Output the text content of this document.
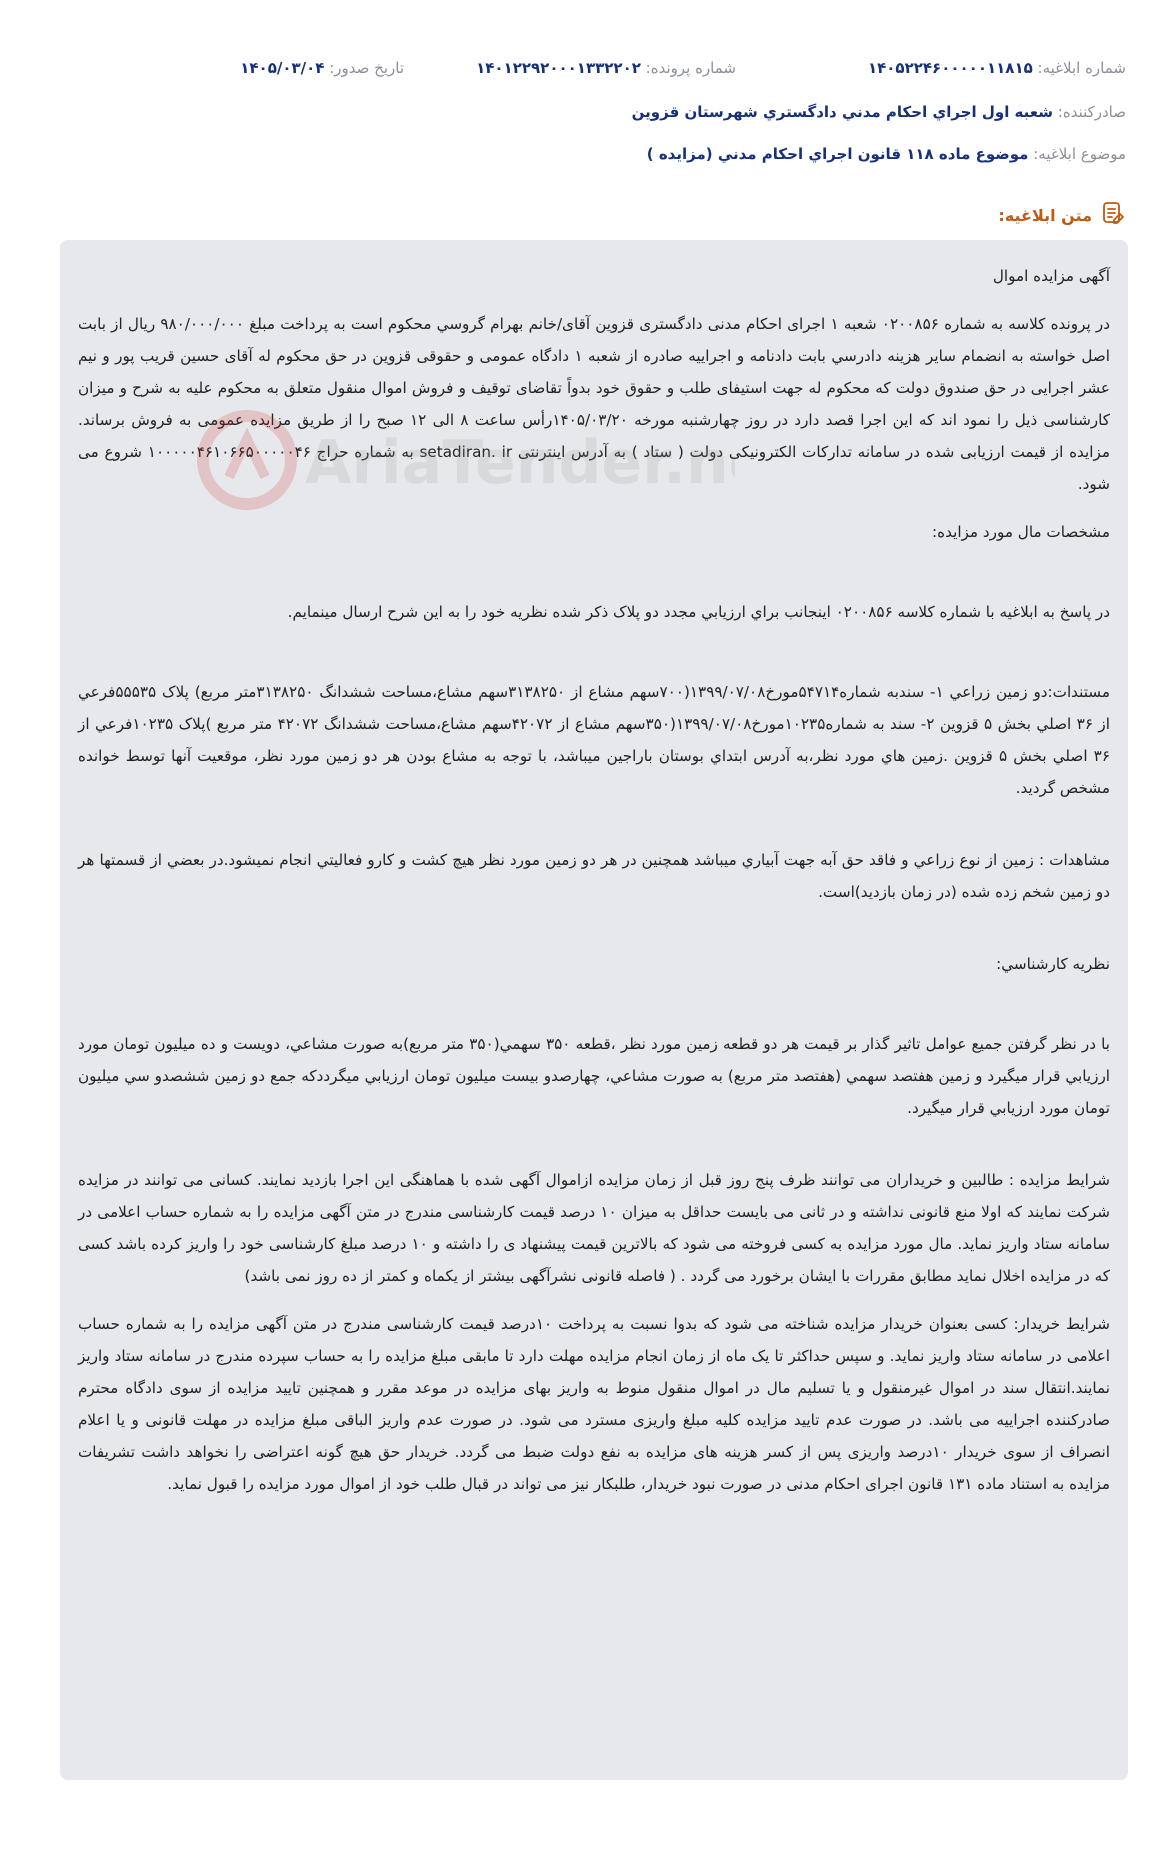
شماره ابلاغیه: ۱۴۰۵۲۲۴۶۰۰۰۰۰۱۱۸۱۵
شماره پرونده: ۱۴۰۱۲۲۹۲۰۰۰۱۳۳۲۲۰۲
تاریخ صدور: ۱۴۰۵/۰۳/۰۴
صادرکننده: شعبه اول اجراي احکام مدني دادگستري شهرستان قزوين
موضوع ابلاغیه: موضوع ماده ۱۱۸ قانون اجراي احکام مدني (مزايده )
متن ابلاغیه:

آگهی مزایده اموال

در پرونده کلاسه به شماره ۰۲۰۰۸۵۶ شعبه ۱ اجرای احکام مدنی دادگستری قزوین آقای/خانم بهرام گروسي محکوم است به پرداخت مبلغ ۹۸۰/۰۰۰/۰۰۰ ريال از بابت اصل خواسته به انضمام سایر هزینه دادرسي بابت دادنامه و اجراییه صادره از شعبه ۱ دادگاه عمومی و حقوقی قزوین در حق محکوم له آقای حسین قریب پور و نیم عشر اجرایی در حق صندوق دولت که محکوم له جهت استیفای طلب و حقوق خود بدواً تقاضای توقیف و فروش اموال منقول متعلق به محکوم علیه به شرح و میزان کارشناسی ذیل را نمود اند که این اجرا قصد دارد در روز چهارشنبه مورخه ۱۴۰۵/۰۳/۲۰رأس ساعت ۸ الی ۱۲ صبح را از طریق مزایده عمومی به فروش برساند. مزایده از قیمت ارزیابی شده در سامانه تدارکات الکترونیکی دولت ( ستاد ) به آدرس اینترنتی setadiran. ir به شماره حراج ۱۰۰۰۰۰۴۶۱۰۶۶۵۰۰۰۰۰۴۶ شروع می شود.

مشخصات مال مورد مزایده:

در پاسخ به ابلاغيه با شماره کلاسه ۰۲۰۰۸۵۶ اينجانب براي ارزيابي مجدد دو پلاک ذکر شده نظريه خود را به اين شرح ارسال مينمايم.

مستندات:دو زمين زراعي ۱- سندبه شماره۵۴۷۱۴مورخ۱۳۹۹/۰۷/۰۸(۷۰۰سهم مشاع از ۳۱۳۸۲۵۰سهم مشاع،مساحت ششدانگ ۳۱۳۸۲۵۰متر مربع) پلاک ۵۵۵۳۵فرعي از ۳۶ اصلي بخش ۵ قزوين ۲- سند به شماره۱۰۲۳۵مورخ۱۳۹۹/۰۷/۰۸(۳۵۰سهم مشاع از ۴۲۰۷۲سهم مشاع،مساحت ششدانگ ۴۲۰۷۲ متر مربع )پلاک ۱۰۲۳۵فرعي از ۳۶ اصلي بخش ۵ قزوين .زمين هاي مورد نظر،به آدرس ابتداي بوستان باراجين ميباشد، با توجه به مشاع بودن هر دو زمين مورد نظر، موقعيت آنها توسط خوانده مشخص گرديد.

مشاهدات : زمين از نوع زراعي و فاقد حق آبه جهت آبياري ميباشد همچنين در هر دو زمين مورد نظر هيچ کشت و کارو فعاليتي انجام نميشود.در بعضي از قسمتها هر دو زمين شخم زده شده (در زمان بازديد)است.

نظريه کارشناسي:

با در نظر گرفتن جميع عوامل تاثير گذار بر قيمت هر دو قطعه زمين مورد نظر ،قطعه ۳۵۰ سهمي(۳۵۰ متر مربع)به صورت مشاعي، دويست و ده ميليون تومان مورد ارزيابي قرار ميگيرد و زمين هفتصد سهمي (هفتصد متر مربع) به صورت مشاعي، چهارصدو بيست ميليون تومان ارزيابي ميگرددکه جمع دو زمين ششصدو سي ميليون تومان مورد ارزيابي قرار ميگيرد.

شرایط مزایده : طالبین و خریداران می توانند ظرف پنج روز قبل از زمان مزایده ازاموال آگهی شده با هماهنگی این اجرا بازدید نمایند. کسانی می توانند در مزایده شرکت نمایند که اولا منع قانونی نداشته و در ثانی می بایست حداقل به میزان ۱۰ درصد قیمت کارشناسی مندرج در متن آگهی مزایده را به شماره حساب اعلامی در سامانه ستاد واریز نماید. مال مورد مزایده به کسی فروخته می شود که بالاترین قیمت پیشنهاد ی را داشته و ۱۰ درصد مبلغ کارشناسی خود را واریز کرده باشد کسی که در مزایده اخلال نماید مطابق مقررات با ایشان برخورد می گردد . ( فاصله قانونی نشرآگهی بیشتر از یکماه و کمتر از ده روز نمی باشد)

شرایط خریدار: کسی بعنوان خریدار مزایده شناخته می شود که بدوا نسبت به پرداخت ۱۰درصد قیمت کارشناسی مندرج در متن آگهی مزایده را به شماره حساب اعلامی در سامانه ستاد واریز نماید. و سپس حداکثر تا یک ماه از زمان انجام مزایده مهلت دارد تا مابقی مبلغ مزایده را به حساب سپرده مندرج در سامانه ستاد واریز نمایند.انتقال سند در اموال غیرمنقول و یا تسلیم مال در اموال منقول منوط به واریز بهای مزایده در موعد مقرر و همچنین تایید مزایده از سوی دادگاه محترم صادرکننده اجراییه می باشد. در صورت عدم تایید مزایده کلیه مبلغ واریزی مسترد می شود. در صورت عدم واریز الباقی مبلغ مزایده در مهلت قانونی و یا اعلام انصراف از سوی خریدار ۱۰درصد واریزی پس از کسر هزینه های مزایده به نفع دولت ضبط می گردد. خریدار حق هیچ گونه اعتراضی را نخواهد داشت تشریفات مزایده به استناد ماده ۱۳۱ قانون اجرای احکام مدنی در صورت نبود خریدار، طلبکار نیز می تواند در قبال طلب خود از اموال مورد مزایده را قبول نماید.
